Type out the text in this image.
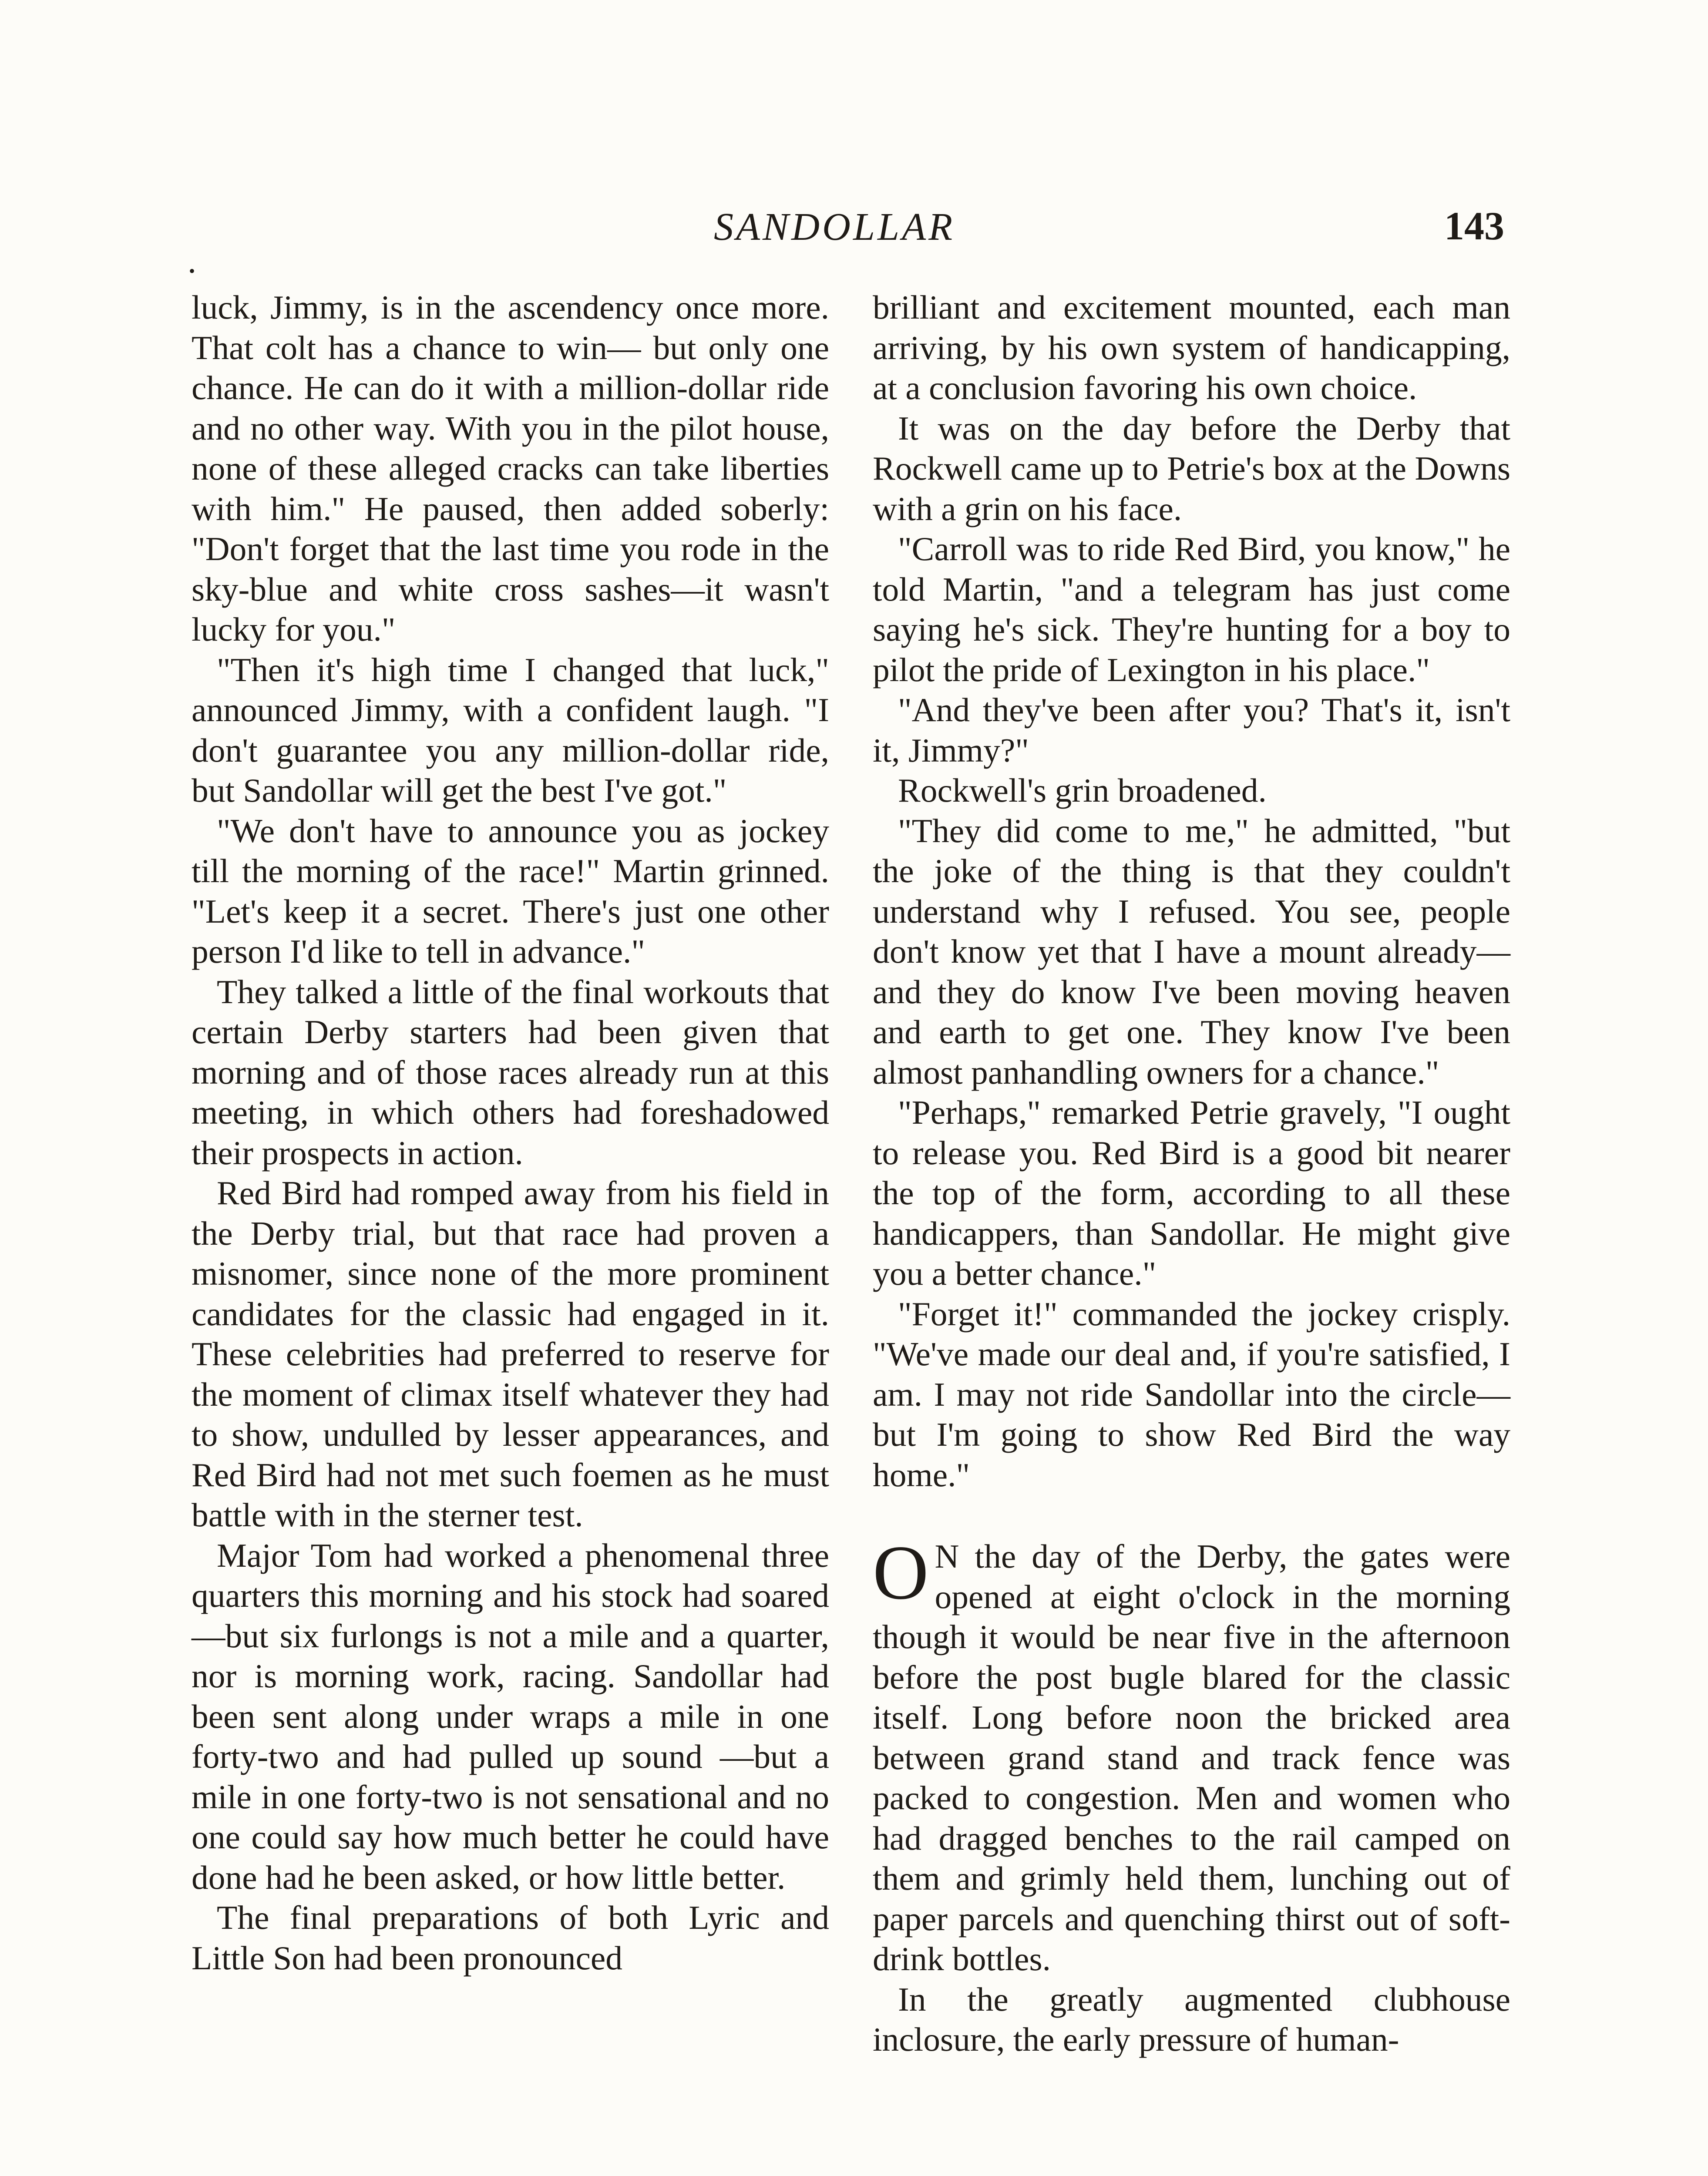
SANDOLLAR	143
•

luck, Jimmy, is in the ascendency once more. That colt has a chance to win— but only one chance. He can do it with a million-dollar ride and no other way. With you in the pilot house, none of these alleged cracks can take liberties with him." He paused, then added soberly: "Don't forget that the last time you rode in the sky-blue and white cross sashes—it wasn't lucky for you."

"Then it's high time I changed that luck," announced Jimmy, with a confident laugh. "I don't guarantee you any million-dollar ride, but Sandollar will get the best I've got."

"We don't have to announce you as jockey till the morning of the race!" Martin grinned. "Let's keep it a secret. There's just one other person I'd like to tell in advance."

They talked a little of the final workouts that certain Derby starters had been given that morning and of those races already run at this meeting, in which others had foreshadowed their prospects in action.

Red Bird had romped away from his field in the Derby trial, but that race had proven a misnomer, since none of the more prominent candidates for the classic had engaged in it. These celebrities had preferred to reserve for the moment of climax itself whatever they had to show, undulled by lesser appearances, and Red Bird had not met such foemen as he must battle with in the sterner test.

Major Tom had worked a phenomenal three quarters this morning and his stock had soared—but six furlongs is not a mile and a quarter, nor is morning work, racing. Sandollar had been sent along under wraps a mile in one forty-two and had pulled up sound —but a mile in one forty-two is not sensational and no one could say how much better he could have done had he been asked, or how little better.

The final preparations of both Lyric and Little Son had been pronounced

brilliant and excitement mounted, each man arriving, by his own system of handicapping, at a conclusion favoring his own choice.

It was on the day before the Derby that Rockwell came up to Petrie's box at the Downs with a grin on his face.

"Carroll was to ride Red Bird, you know," he told Martin, "and a telegram has just come saying he's sick. They're hunting for a boy to pilot the pride of Lexington in his place."

"And they've been after you? That's it, isn't it, Jimmy?"

Rockwell's grin broadened.

"They did come to me," he admitted, "but the joke of the thing is that they couldn't understand why I refused. You see, people don't know yet that I have a mount already—and they do know I've been moving heaven and earth to get one. They know I've been almost panhandling owners for a chance."

"Perhaps," remarked Petrie gravely, "I ought to release you. Red Bird is a good bit nearer the top of the form, according to all these handicappers, than Sandollar. He might give you a better chance."

"Forget it!" commanded the jockey crisply. "We've made our deal and, if you're satisfied, I am. I may not ride Sandollar into the circle—but I'm going to show Red Bird the way home."

O N the day of the Derby, the gates were opened at eight o'clock in the morning though it would be near five in the afternoon before the post bugle blared for the classic itself. Long before noon the bricked area between grand stand and track fence was packed to congestion. Men and women who had dragged benches to the rail camped on them and grimly held them, lunching out of paper parcels and quenching thirst out of soft-drink bottles.

In the greatly augmented clubhouse inclosure, the early pressure of human-
